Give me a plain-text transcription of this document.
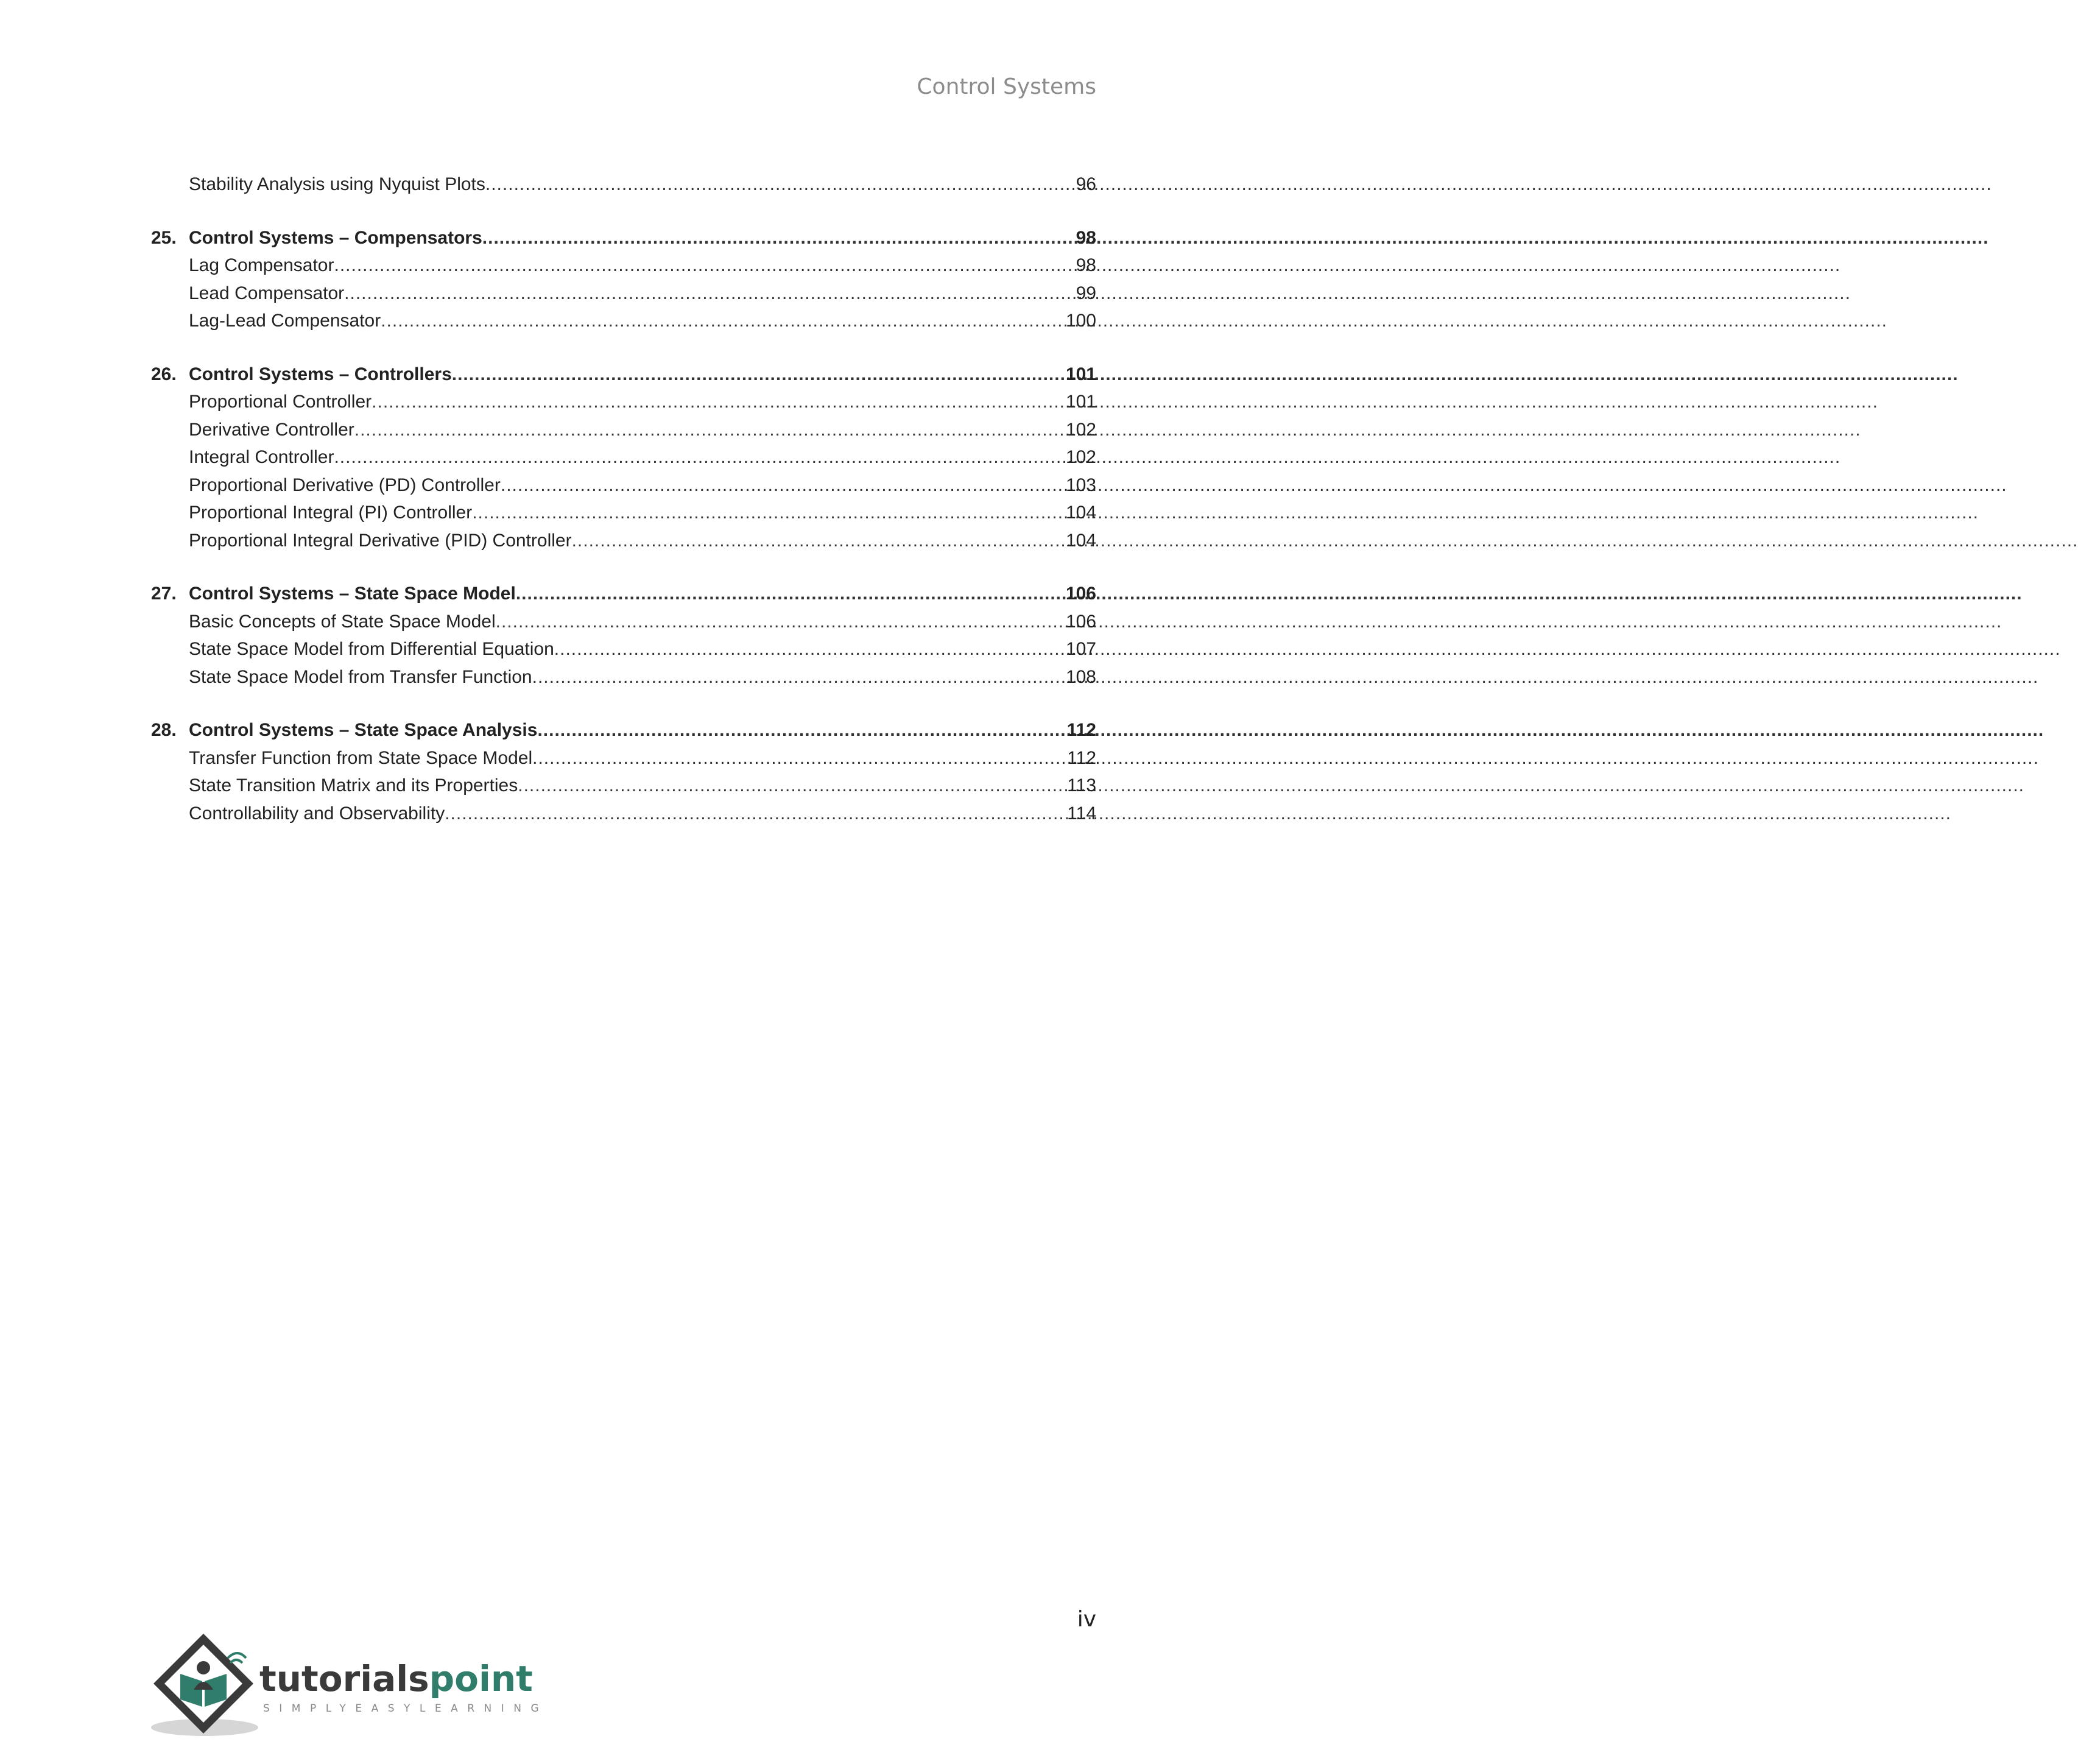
Control Systems
Stability Analysis using Nyquist Plots .....	96
25. Control Systems – Compensators .....	98
Lag Compensator .....	98
Lead Compensator .....	99
Lag-Lead Compensator .....	100
26. Control Systems – Controllers .....	101
Proportional Controller .....	101
Derivative Controller .....	102
Integral Controller .....	102
Proportional Derivative (PD) Controller .....	103
Proportional Integral (PI) Controller .....	104
Proportional Integral Derivative (PID) Controller .....	104
27. Control Systems – State Space Model .....	106
Basic Concepts of State Space Model .....	106
State Space Model from Differential Equation .....	107
State Space Model from Transfer Function .....	108
28. Control Systems – State Space Analysis .....	112
Transfer Function from State Space Model .....	112
State Transition Matrix and its Properties .....	113
Controllability and Observability .....	114
iv
tutorialspoint
SIMPLYEASYLEARNING
